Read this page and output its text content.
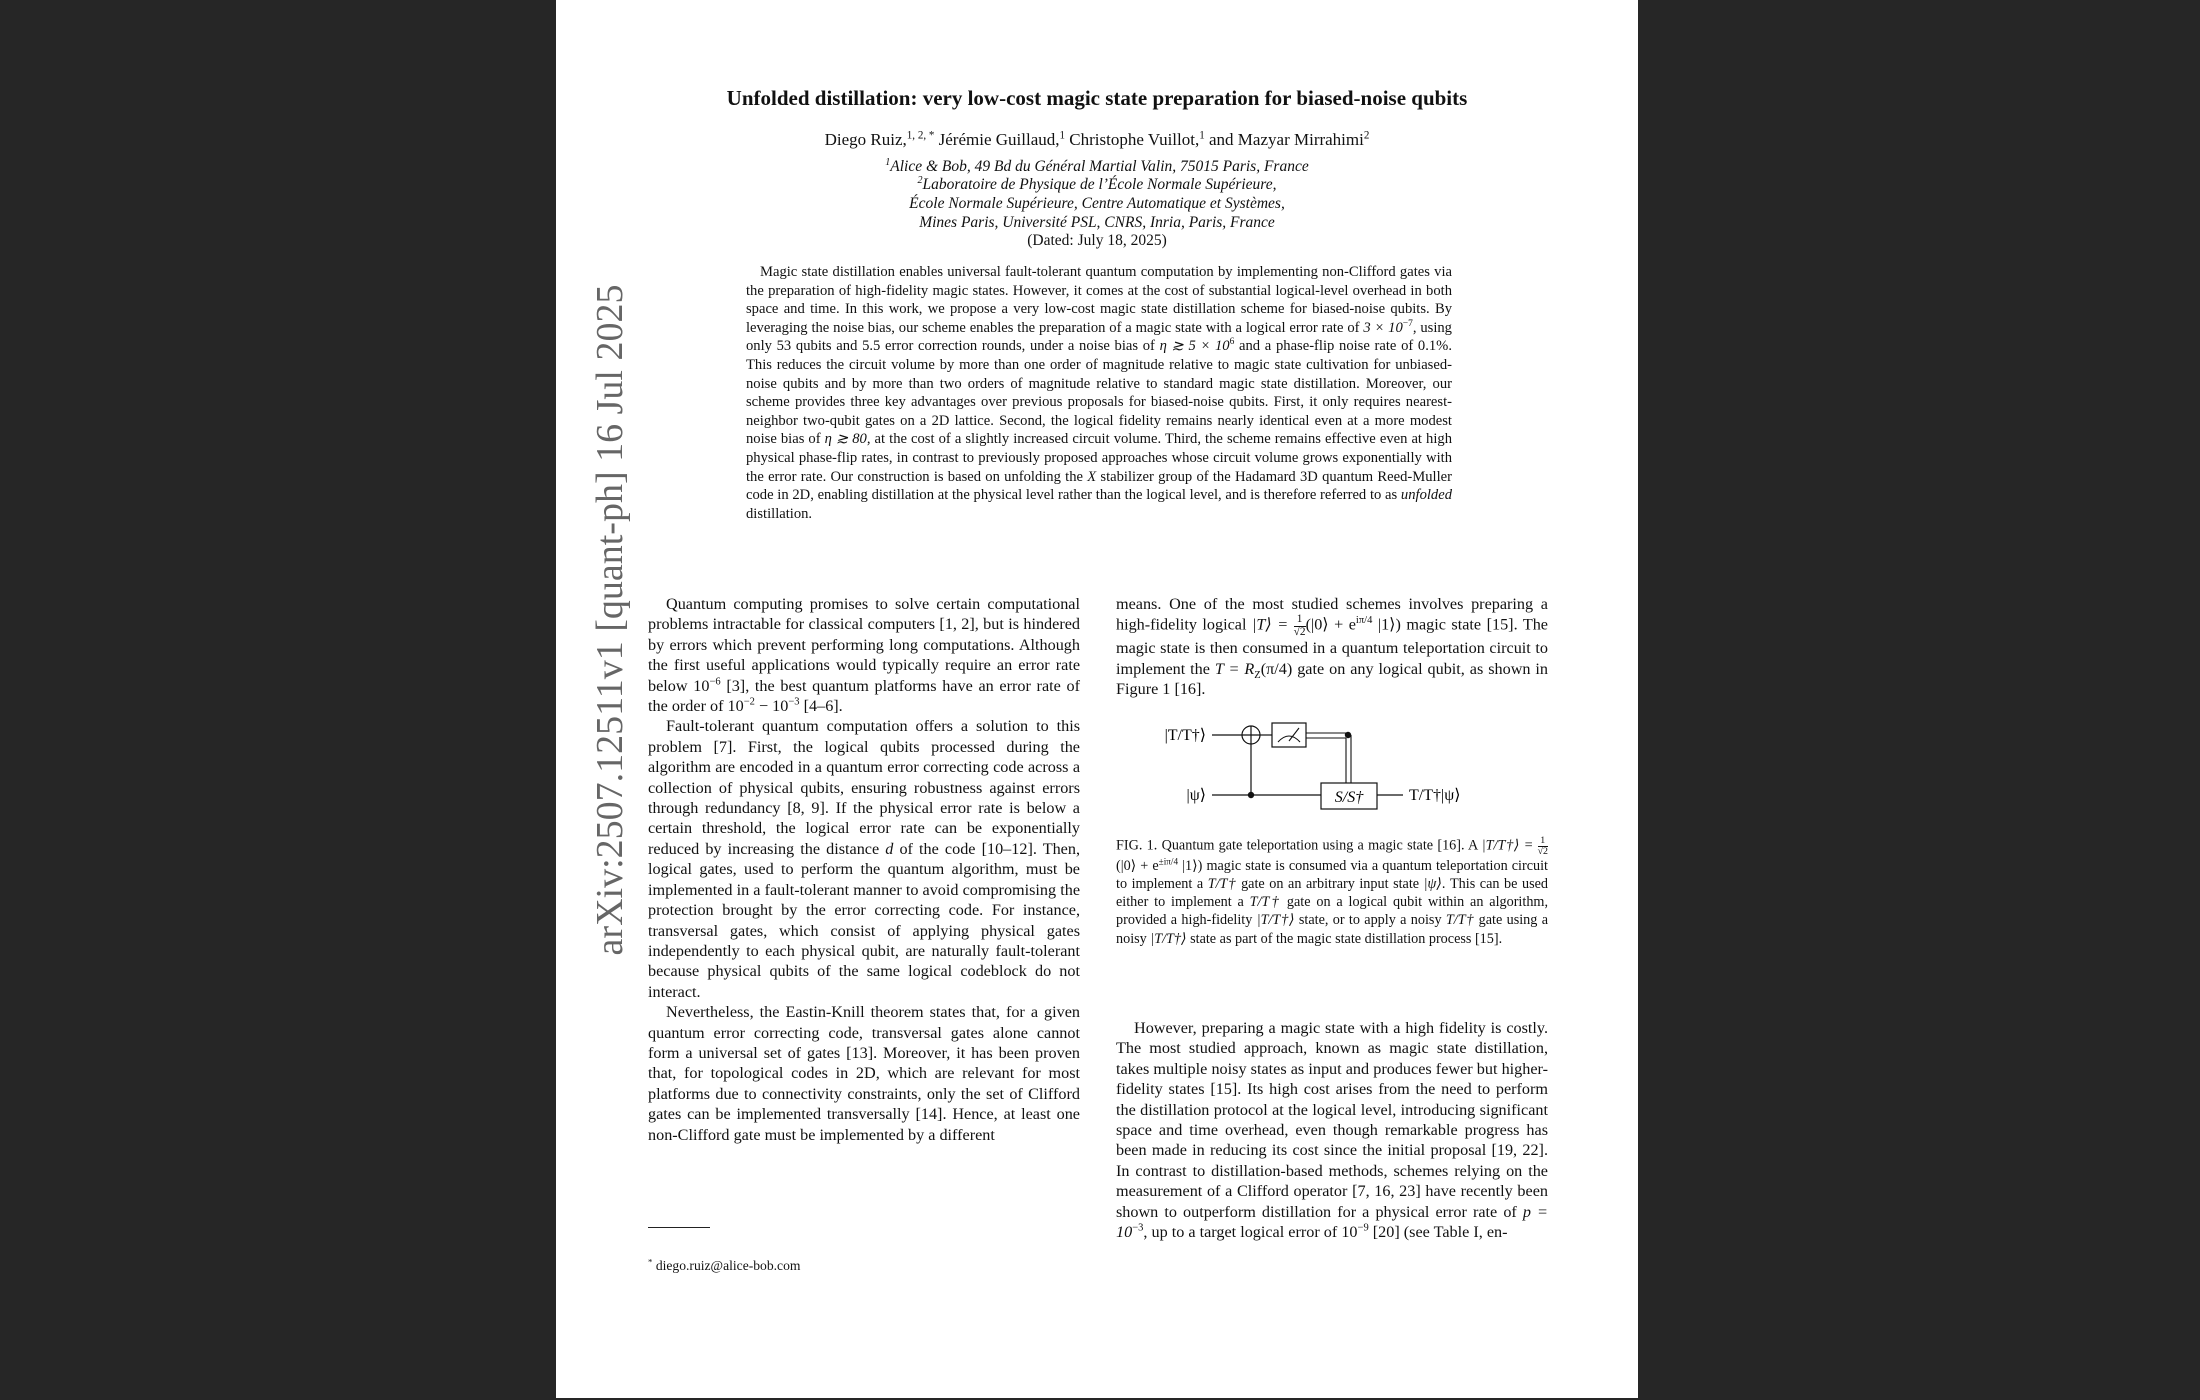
Unfolded distillation: very low-cost magic state preparation for biased-noise qubits
Diego Ruiz,$^{1, 2, *}$ Jérémie Guillaud,$^1$ Christophe Vuillot,$^1$ and Mazyar Mirrahimi$^2$
$^1$Alice & Bob, 49 Bd du Général Martial Valin, 75015 Paris, France
$^2$Laboratoire de Physique de l’École Normale Supérieure,
École Normale Supérieure, Centre Automatique et Systèmes,
Mines Paris, Université PSL, CNRS, Inria, Paris, France
(Dated: July 18, 2025)

Magic state distillation enables universal fault-tolerant quantum computation by implementing non-Clifford gates via the preparation of high-fidelity magic states. However, it comes at the cost of substantial logical-level overhead in both space and time. In this work, we propose a very low-cost magic state distillation scheme for biased-noise qubits. By leveraging the noise bias, our scheme enables the preparation of a magic state with a logical error rate of $3 \times 10^{-7}$, using only 53 qubits and 5.5 error correction rounds, under a noise bias of η ≳ $5 \times 10^6$ and a phase-flip noise rate of 0.1%. This reduces the circuit volume by more than one order of magnitude relative to magic state cultivation for unbiased-noise qubits and by more than two orders of magnitude relative to standard magic state distillation. Moreover, our scheme provides three key advantages over previous proposals for biased-noise qubits. First, it only requires nearest-neighbor two-qubit gates on a 2D lattice. Second, the logical fidelity remains nearly identical even at a more modest noise bias of η ≳ 80, at the cost of a slightly increased circuit volume. Third, the scheme remains effective even at high physical phase-flip rates, in contrast to previously proposed approaches whose circuit volume grows exponentially with the error rate. Our construction is based on unfolding the X stabilizer group of the Hadamard 3D quantum Reed-Muller code in 2D, enabling distillation at the physical level rather than the logical level, and is therefore referred to as unfolded distillation.

Quantum computing promises to solve certain computational problems intractable for classical computers [1, 2], but is hindered by errors which prevent performing long computations. Although the first useful applications would typically require an error rate below $10^{-6}$ [3], the best quantum platforms have an error rate of the order of $10^{-2} - 10^{-3}$ [4–6].

Fault-tolerant quantum computation offers a solution to this problem [7]. First, the logical qubits processed during the algorithm are encoded in a quantum error correcting code across a collection of physical qubits, ensuring robustness against errors through redundancy [8, 9]. If the physical error rate is below a certain threshold, the logical error rate can be exponentially reduced by increasing the distance d of the code [10–12]. Then, logical gates, used to perform the quantum algorithm, must be implemented in a fault-tolerant manner to avoid compromising the protection brought by the error correcting code. For instance, transversal gates, which consist of applying physical gates independently to each physical qubit, are naturally fault-tolerant because physical qubits of the same logical codeblock do not interact.

Nevertheless, the Eastin-Knill theorem states that, for a given quantum error correcting code, transversal gates alone cannot form a universal set of gates [13]. Moreover, it has been proven that, for topological codes in 2D, which are relevant for most platforms due to connectivity constraints, only the set of Clifford gates can be implemented transversally [14]. Hence, at least one non-Clifford gate must be implemented by a different

* diego.ruiz@alice-bob.com

means. One of the most studied schemes involves preparing a high-fidelity logical |T⟩ = $\frac{1}{√2}$ (|0⟩ + $e^{i\pi/4}$ |1⟩) magic state [15]. The magic state is then consumed in a quantum teleportation circuit to implement the $T = R_Z(\pi/4)$ gate on any logical qubit, as shown in Figure 1 [16].

|T/T†⟩
|ψ⟩	S/S†	T/T†|ψ⟩
FIG. 1. Quantum gate teleportation using a magic state [16]. A |T/T†⟩ = $\frac{1}{√2}$
(|0⟩ + $e^{\pm i\pi/4}$ |1⟩) magic state is consumed via a quantum teleportation circuit to implement a T/T† gate on an arbitrary input state |ψ⟩. This can be used either to implement a T/T† gate on a logical qubit within an algorithm, provided a high-fidelity |T/T†⟩ state, or to apply a noisy T/T† gate using a noisy |T/T†⟩ state as part of the magic state distillation process [15].

However, preparing a magic state with a high fidelity is costly. The most studied approach, known as magic state distillation, takes multiple noisy states as input and produces fewer but higher-fidelity states [15]. Its high cost arises from the need to perform the distillation protocol at the logical level, introducing significant space and time overhead, even though remarkable progress has been made in reducing its cost since the initial proposal [19, 22]. In contrast to distillation-based methods, schemes relying on the measurement of a Clifford operator [7, 16, 23] have recently been shown to outperform distillation for a physical error rate of $p = 10^{-3}$, up to a target logical error of $10^{-9}$ [20] (see Table I, en-

arXiv:2507.12511v1 [quant-ph] 16 Jul 2025
